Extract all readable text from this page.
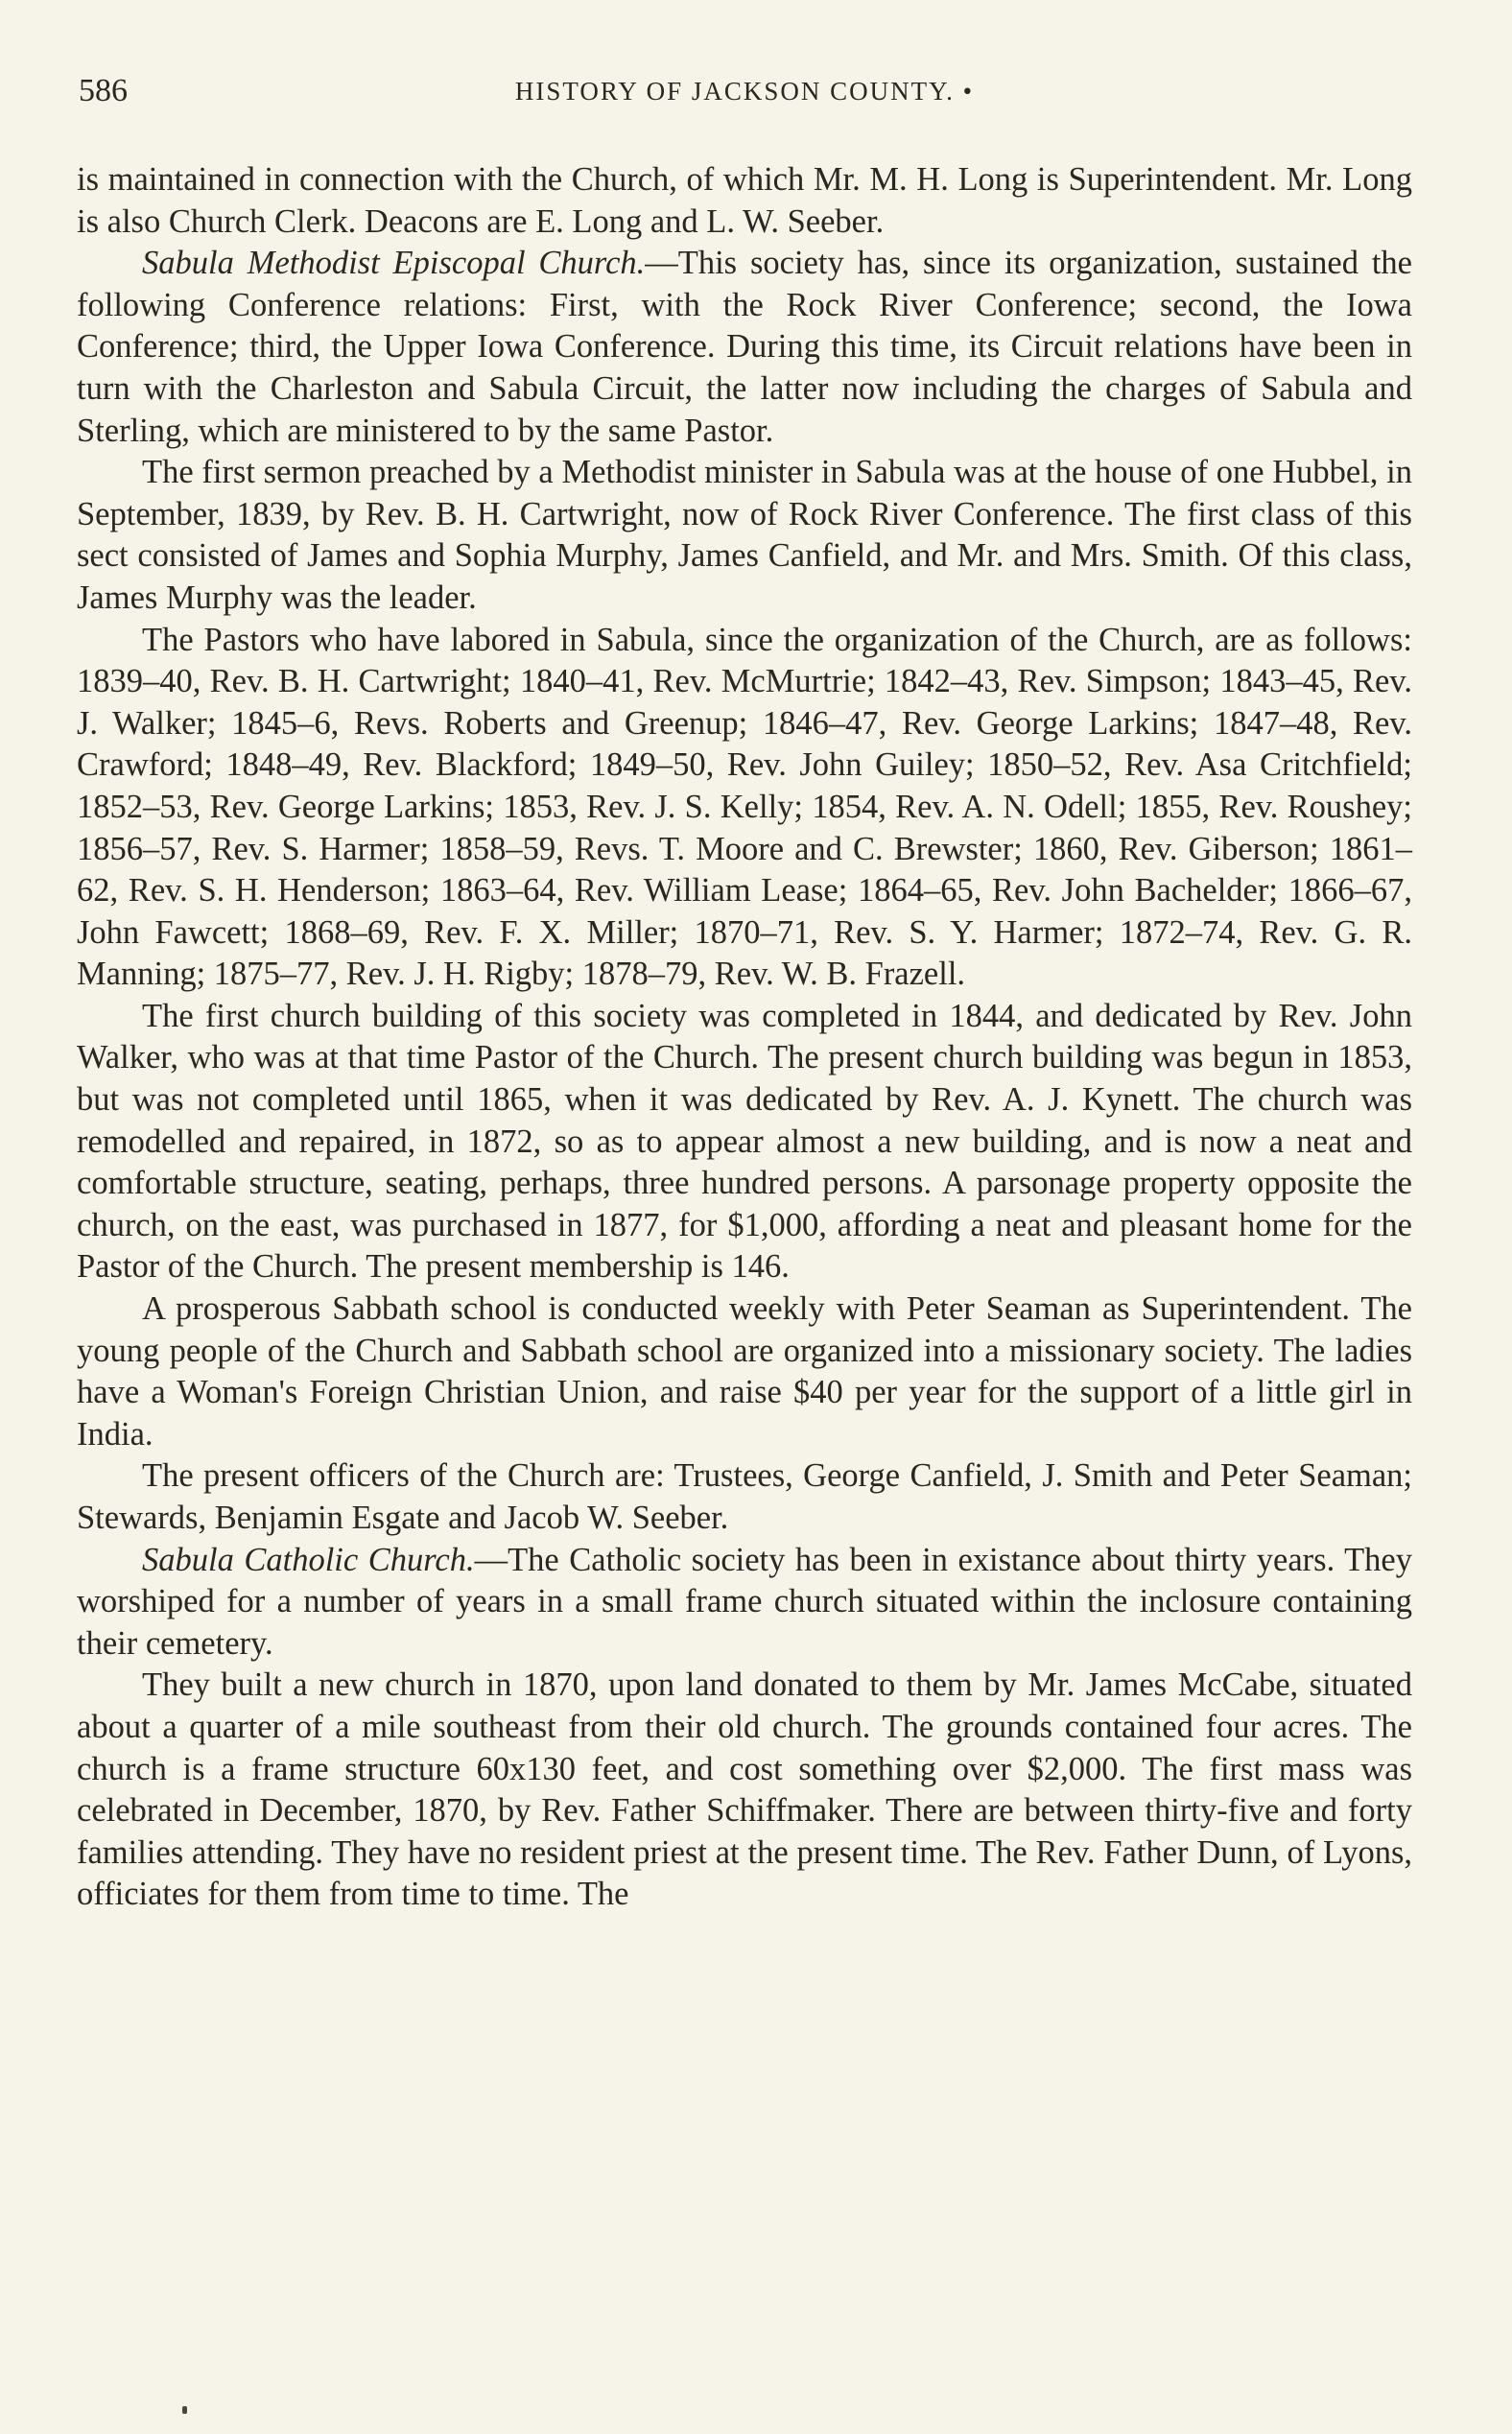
586	HISTORY OF JACKSON COUNTY. •

is maintained in connection with the Church, of which Mr. M. H. Long is Superintendent. Mr. Long is also Church Clerk. Deacons are E. Long and L. W. Seeber.

Sabula Methodist Episcopal Church.—This society has, since its organization, sustained the following Conference relations: First, with the Rock River Conference; second, the Iowa Conference; third, the Upper Iowa Conference. During this time, its Circuit relations have been in turn with the Charleston and Sabula Circuit, the latter now including the charges of Sabula and Sterling, which are ministered to by the same Pastor.

The first sermon preached by a Methodist minister in Sabula was at the house of one Hubbel, in September, 1839, by Rev. B. H. Cartwright, now of Rock River Conference. The first class of this sect consisted of James and Sophia Murphy, James Canfield, and Mr. and Mrs. Smith. Of this class, James Murphy was the leader.

The Pastors who have labored in Sabula, since the organization of the Church, are as follows: 1839–40, Rev. B. H. Cartwright; 1840–41, Rev. McMurtrie; 1842–43, Rev. Simpson; 1843–45, Rev. J. Walker; 1845–6, Revs. Roberts and Greenup; 1846–47, Rev. George Larkins; 1847–48, Rev. Crawford; 1848–49, Rev. Blackford; 1849–50, Rev. John Guiley; 1850–52, Rev. Asa Critchfield; 1852–53, Rev. George Larkins; 1853, Rev. J. S. Kelly; 1854, Rev. A. N. Odell; 1855, Rev. Roushey; 1856–57, Rev. S. Harmer; 1858–59, Revs. T. Moore and C. Brewster; 1860, Rev. Giberson; 1861–62, Rev. S. H. Henderson; 1863–64, Rev. William Lease; 1864–65, Rev. John Bachelder; 1866–67, John Fawcett; 1868–69, Rev. F. X. Miller; 1870–71, Rev. S. Y. Harmer; 1872–74, Rev. G. R. Manning; 1875–77, Rev. J. H. Rigby; 1878–79, Rev. W. B. Frazell.

The first church building of this society was completed in 1844, and dedicated by Rev. John Walker, who was at that time Pastor of the Church. The present church building was begun in 1853, but was not completed until 1865, when it was dedicated by Rev. A. J. Kynett. The church was remodelled and repaired, in 1872, so as to appear almost a new building, and is now a neat and comfortable structure, seating, perhaps, three hundred persons. A parsonage property opposite the church, on the east, was purchased in 1877, for $1,000, affording a neat and pleasant home for the Pastor of the Church. The present membership is 146.

A prosperous Sabbath school is conducted weekly with Peter Seaman as Superintendent. The young people of the Church and Sabbath school are organized into a missionary society. The ladies have a Woman's Foreign Christian Union, and raise $40 per year for the support of a little girl in India.

The present officers of the Church are: Trustees, George Canfield, J. Smith and Peter Seaman; Stewards, Benjamin Esgate and Jacob W. Seeber.

Sabula Catholic Church.—The Catholic society has been in existance about thirty years. They worshiped for a number of years in a small frame church situated within the inclosure containing their cemetery.

They built a new church in 1870, upon land donated to them by Mr. James McCabe, situated about a quarter of a mile southeast from their old church. The grounds contained four acres. The church is a frame structure 60x130 feet, and cost something over $2,000. The first mass was celebrated in December, 1870, by Rev. Father Schiffmaker. There are between thirty-five and forty families attending. They have no resident priest at the present time. The Rev. Father Dunn, of Lyons, officiates for them from time to time. The
